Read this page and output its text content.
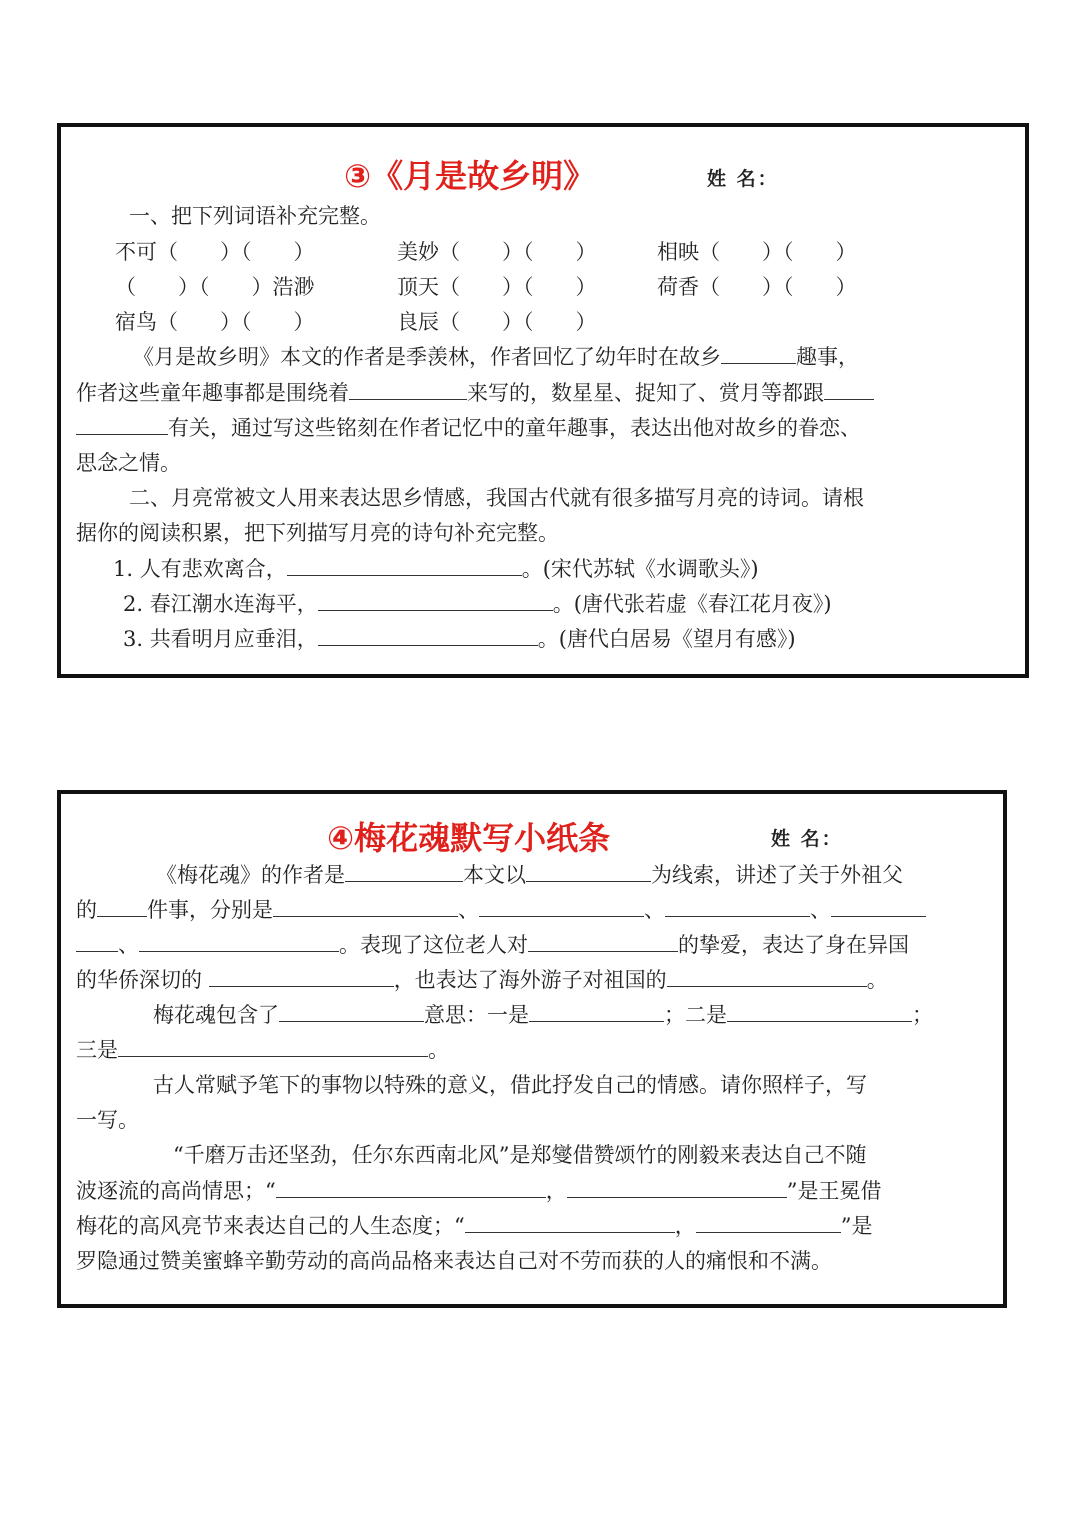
③《月是故乡明》	姓 名：
一、把下列词语补充完整。
不可（　　）（　　）	美妙（　　）（　　）	相映（　　）（　　）
（　　）（　　）浩渺	顶天（　　）（　　）	荷香（　　）（　　）
宿鸟（　　）（　　）	良辰（　　）（　　）
《月是故乡明》本文的作者是季羡林，作者回忆了幼年时在故乡	趣事，
作者这些童年趣事都是围绕着	来写的，数星星、捉知了、赏月等都跟
有关，通过写这些铭刻在作者记忆中的童年趣事，表达出他对故乡的眷恋、
思念之情。
二、月亮常被文人用来表达思乡情感，我国古代就有很多描写月亮的诗词。请根
据你的阅读积累，把下列描写月亮的诗句补充完整。
1. 人有悲欢离合，	。(宋代苏轼《水调歌头》)
2. 春江潮水连海平，	。(唐代张若虚《春江花月夜》)
3. 共看明月应垂泪，	。(唐代白居易《望月有感》)
④梅花魂默写小纸条	姓 名：
《梅花魂》的作者是	本文以	为线索，讲述了关于外祖父
的 件事，分别是	、	、	、
、	。表现了这位老人对	的挚爱，表达了身在异国
的华侨深切的	，也表达了海外游子对祖国的	。
梅花魂包含了	意思：一是	；二是	；
三是	。
古人常赋予笔下的事物以特殊的意义，借此抒发自己的情感。请你照样子，写
一写。
“千磨万击还坚劲，任尔东西南北风”是郑燮借赞颂竹的刚毅来表达自己不随
波逐流的高尚情思；“	，	”是王冕借
梅花的高风亮节来表达自己的人生态度；“	，	”是
罗隐通过赞美蜜蜂辛勤劳动的高尚品格来表达自己对不劳而获的人的痛恨和不满。
